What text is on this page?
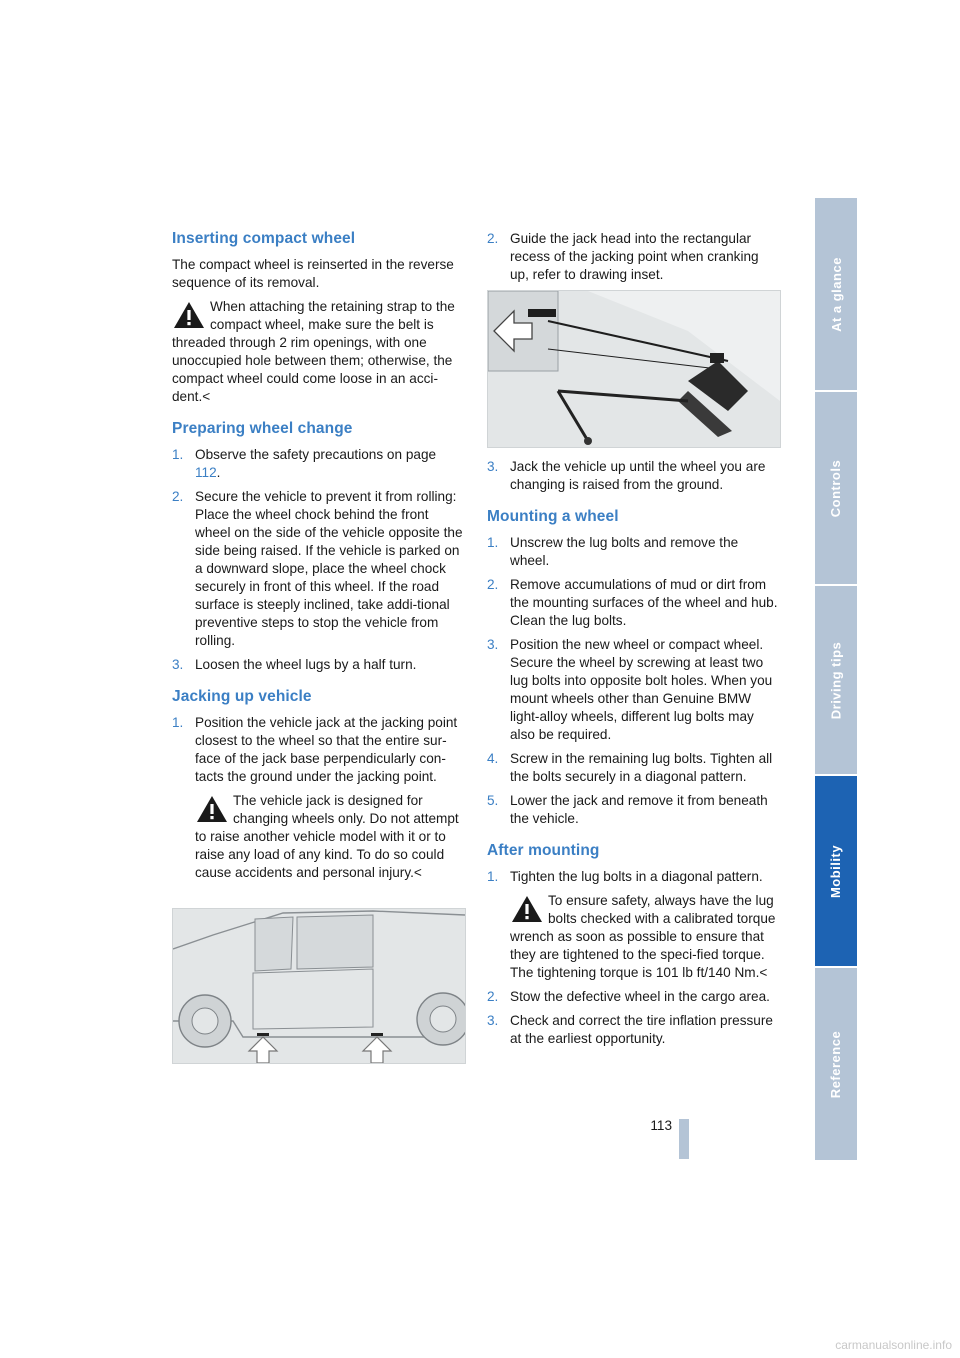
Inserting compact wheel

The compact wheel is reinserted in the reverse sequence of its removal.

When attaching the retaining strap to the compact wheel, make sure the belt is threaded through 2 rim openings, with one unoccupied hole between them; otherwise, the compact wheel could come loose in an acci-dent.<
Preparing wheel change
1. Observe the safety precautions on page 112.
2. Secure the vehicle to prevent it from rolling: Place the wheel chock behind the front wheel on the side of the vehicle opposite the side being raised. If the vehicle is parked on a downward slope, place the wheel chock securely in front of this wheel. If the road surface is steeply inclined, take addi-tional preventive steps to stop the vehicle from rolling.
3. Loosen the wheel lugs by a half turn.
Jacking up vehicle
1. Position the vehicle jack at the jacking point closest to the wheel so that the entire sur-face of the jack base perpendicularly con-tacts the ground under the jacking point.
The vehicle jack is designed for changing wheels only. Do not attempt to raise another vehicle model with it or to raise any load of any kind. To do so could cause accidents and personal injury.<
2. Guide the jack head into the rectangular recess of the jacking point when cranking up, refer to drawing inset.
3. Jack the vehicle up until the wheel you are changing is raised from the ground.
Mounting a wheel
1. Unscrew the lug bolts and remove the wheel.
2. Remove accumulations of mud or dirt from the mounting surfaces of the wheel and hub. Clean the lug bolts.
3. Position the new wheel or compact wheel. Secure the wheel by screwing at least two lug bolts into opposite bolt holes. When you mount wheels other than Genuine BMW light-alloy wheels, different lug bolts may also be required.
4. Screw in the remaining lug bolts. Tighten all the bolts securely in a diagonal pattern.
5. Lower the jack and remove it from beneath the vehicle.
After mounting
1. Tighten the lug bolts in a diagonal pattern.
To ensure safety, always have the lug bolts checked with a calibrated torque wrench as soon as possible to ensure that they are tightened to the speci-fied torque. The tightening torque is 101 lb ft/140 Nm.<
2. Stow the defective wheel in the cargo area.
3. Check and correct the tire inflation pressure at the earliest opportunity.
At a glance
Controls
Driving tips
Mobility
Reference
113
carmanualsonline.info
